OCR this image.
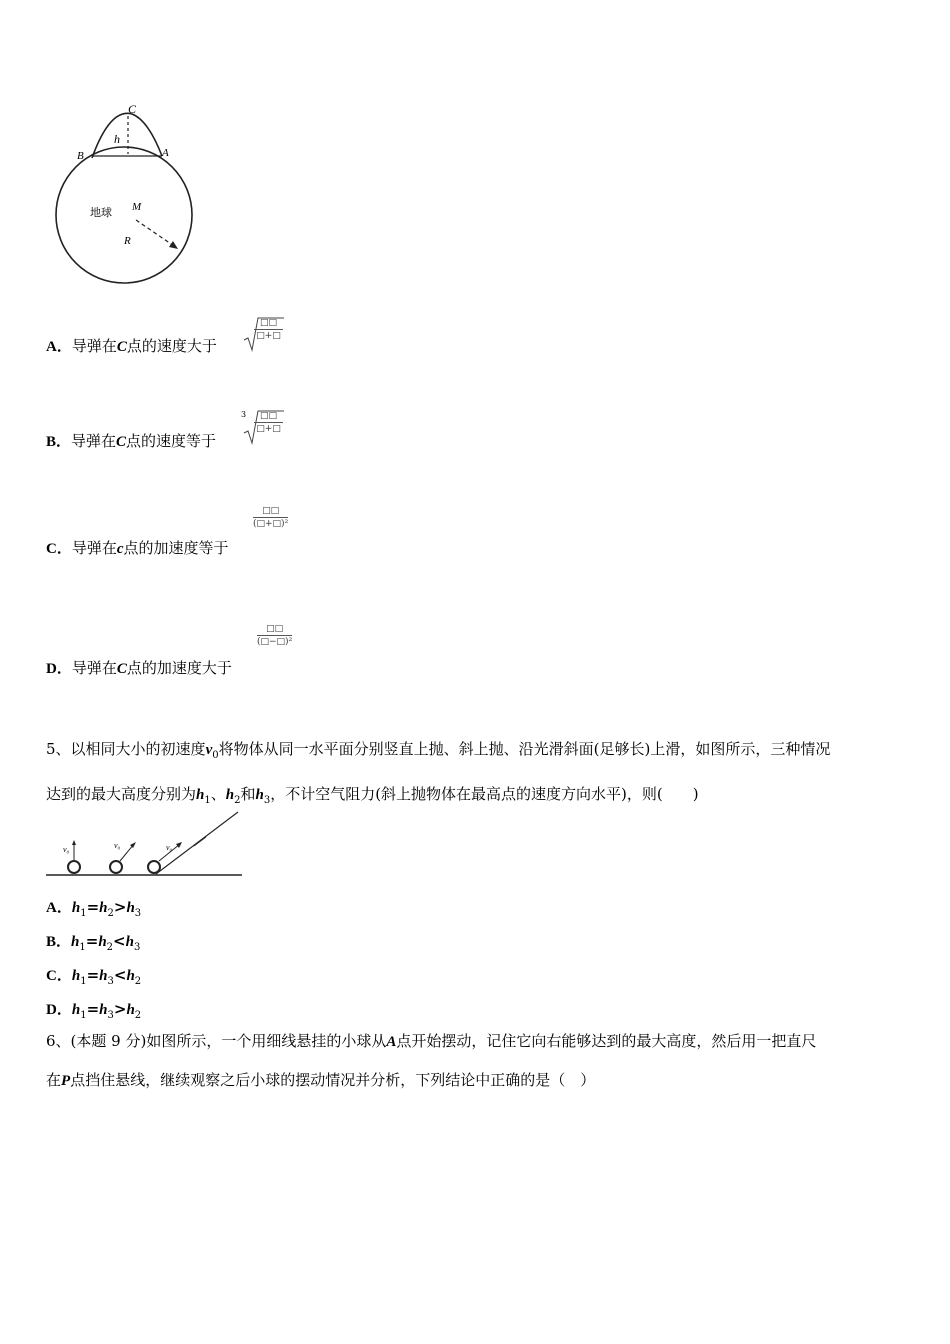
C
h
B	A
地球 M
R
A．导弹在C点的速度大于
□□
□+□
B．导弹在C点的速度等于
3	□□
□+□
C．导弹在c点的加速度等于
□□
(□+□)²
D．导弹在C点的加速度大于
□□
(□−□)²
5、以相同大小的初速度$v_0$将物体从同一水平面分别竖直上抛、斜上抛、沿光滑斜面(足够长)上滑，如图所示，三种情况
达到的最大高度分别为$h_1$、$h_2$和$h_3$，不计空气阻力(斜上抛物体在最高点的速度方向水平)，则(　　)
v₀	v₀	v₀
A．$h_1=h_2>h_3$
B．$h_1=h_2<h_3$
C．$h_1=h_3<h_2$
D．$h_1=h_3>h_2$
6、(本题 9 分)如图所示，一个用细线悬挂的小球从A点开始摆动，记住它向右能够达到的最大高度，然后用一把直尺
在P点挡住悬线，继续观察之后小球的摆动情况并分析，下列结论中正确的是（　）
